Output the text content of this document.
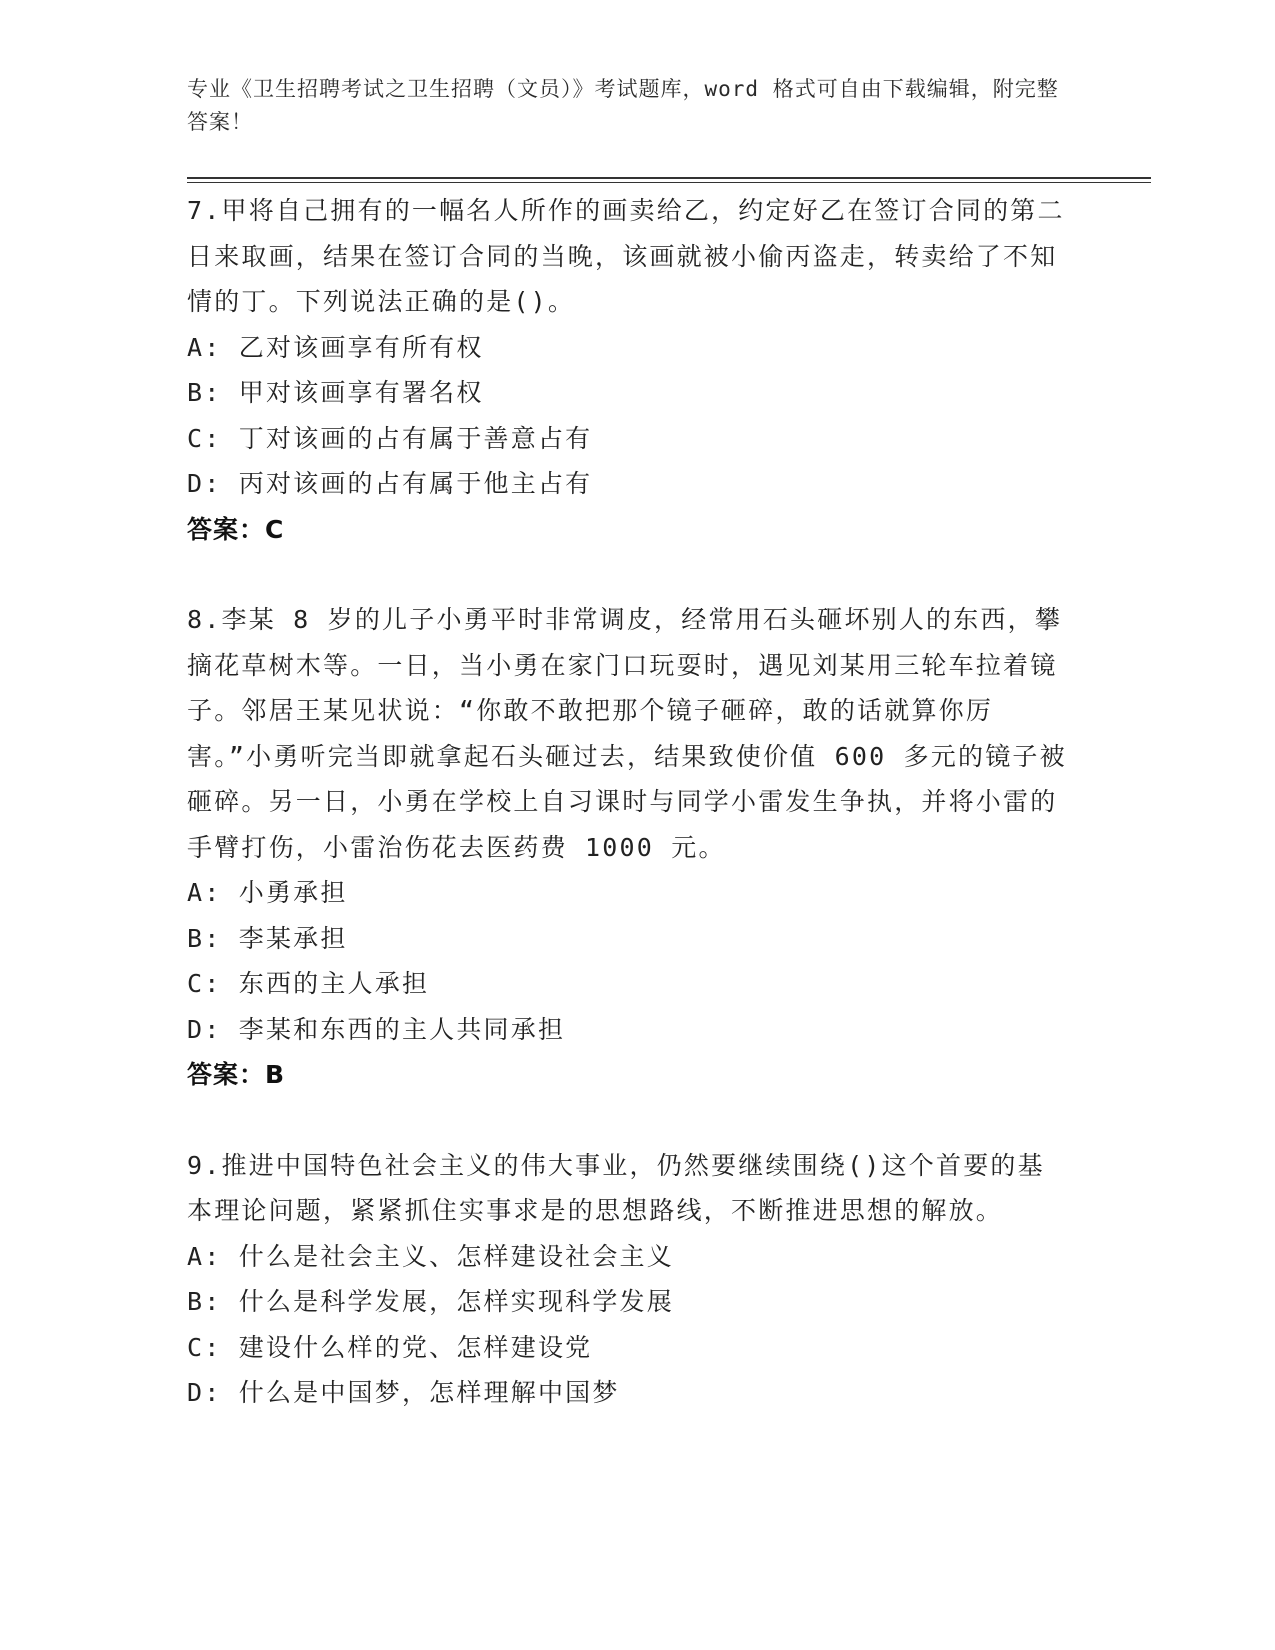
专业《卫生招聘考试之卫生招聘（文员）》考试题库，word 格式可自由下载编辑，附完整答案！

7.甲将自己拥有的一幅名人所作的画卖给乙，约定好乙在签订合同的第二日来取画，结果在签订合同的当晚，该画就被小偷丙盗走，转卖给了不知情的丁。下列说法正确的是()。

A: 乙对该画享有所有权

B: 甲对该画享有署名权

C: 丁对该画的占有属于善意占有

D: 丙对该画的占有属于他主占有

答案：C

8.李某 8 岁的儿子小勇平时非常调皮，经常用石头砸坏别人的东西，攀摘花草树木等。一日，当小勇在家门口玩耍时，遇见刘某用三轮车拉着镜子。邻居王某见状说：“你敢不敢把那个镜子砸碎，敢的话就算你厉害。”小勇听完当即就拿起石头砸过去，结果致使价值 600 多元的镜子被砸碎。另一日，小勇在学校上自习课时与同学小雷发生争执，并将小雷的手臂打伤，小雷治伤花去医药费 1000 元。

A: 小勇承担

B: 李某承担

C: 东西的主人承担

D: 李某和东西的主人共同承担

答案：B

9.推进中国特色社会主义的伟大事业，仍然要继续围绕()这个首要的基本理论问题，紧紧抓住实事求是的思想路线，不断推进思想的解放。

A: 什么是社会主义、怎样建设社会主义

B: 什么是科学发展，怎样实现科学发展

C: 建设什么样的党、怎样建设党

D: 什么是中国梦，怎样理解中国梦
